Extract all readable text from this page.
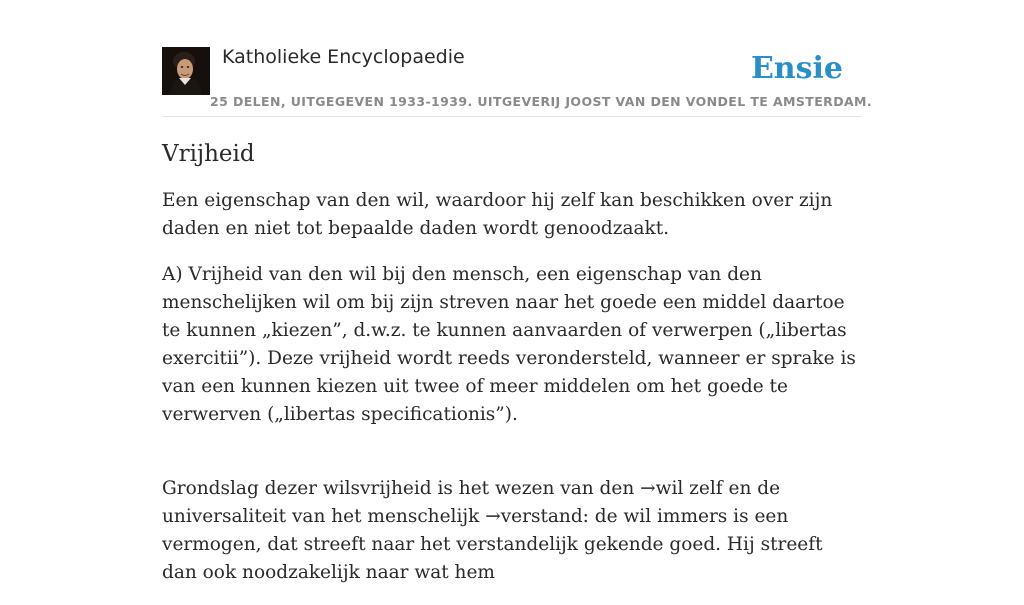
Katholieke Encyclopaedie
25 DELEN, UITGEGEVEN 1933-1939. UITGEVERIJ JOOST VAN DEN VONDEL TE AMSTERDAM.
Ensie
Vrijheid

Een eigenschap van den wil, waardoor hij zelf kan beschikken over zijn daden en niet tot bepaalde daden wordt genoodzaakt.

A) Vrijheid van den wil bij den mensch, een eigenschap van den menschelijken wil om bij zijn streven naar het goede een middel daartoe te kunnen „kiezen”, d.w.z. te kunnen aanvaarden of verwerpen („libertas exercitii”). Deze vrijheid wordt reeds verondersteld, wanneer er sprake is van een kunnen kiezen uit twee of meer middelen om het goede te verwerven („libertas specificationis”).

Grondslag dezer wilsvrijheid is het wezen van den →wil zelf en de universaliteit van het menschelijk →verstand: de wil immers is een vermogen, dat streeft naar het verstandelijk gekende goed. Hij streeft dan ook noodzakelijk naar wat hem
